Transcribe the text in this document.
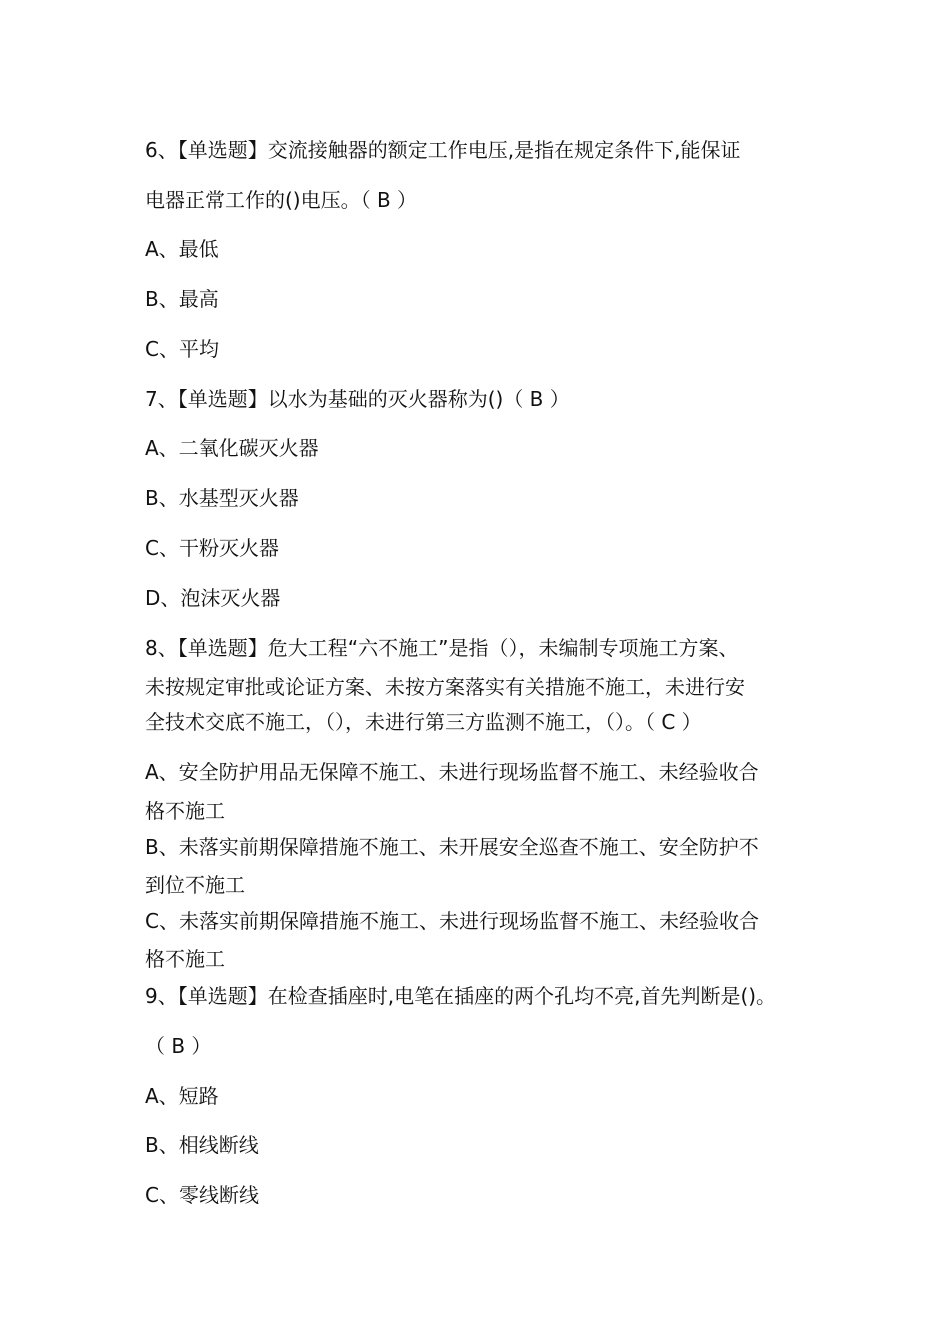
6、【单选题】交流接触器的额定工作电压,是指在规定条件下,能保证
电器正常工作的()电压。（ B ）
A、最低
B、最高
C、平均
7、【单选题】以水为基础的灭火器称为()（ B ）
A、二氧化碳灭火器
B、水基型灭火器
C、干粉灭火器
D、泡沫灭火器
8、【单选题】危大工程“六不施工”是指（），未编制专项施工方案、
未按规定审批或论证方案、未按方案落实有关措施不施工，未进行安
全技术交底不施工，（），未进行第三方监测不施工，（）。（ C ）
A、安全防护用品无保障不施工、未进行现场监督不施工、未经验收合
格不施工
B、未落实前期保障措施不施工、未开展安全巡查不施工、安全防护不
到位不施工
C、未落实前期保障措施不施工、未进行现场监督不施工、未经验收合
格不施工
9、【单选题】在检查插座时,电笔在插座的两个孔均不亮,首先判断是()。
（ B ）
A、短路
B、相线断线
C、零线断线
